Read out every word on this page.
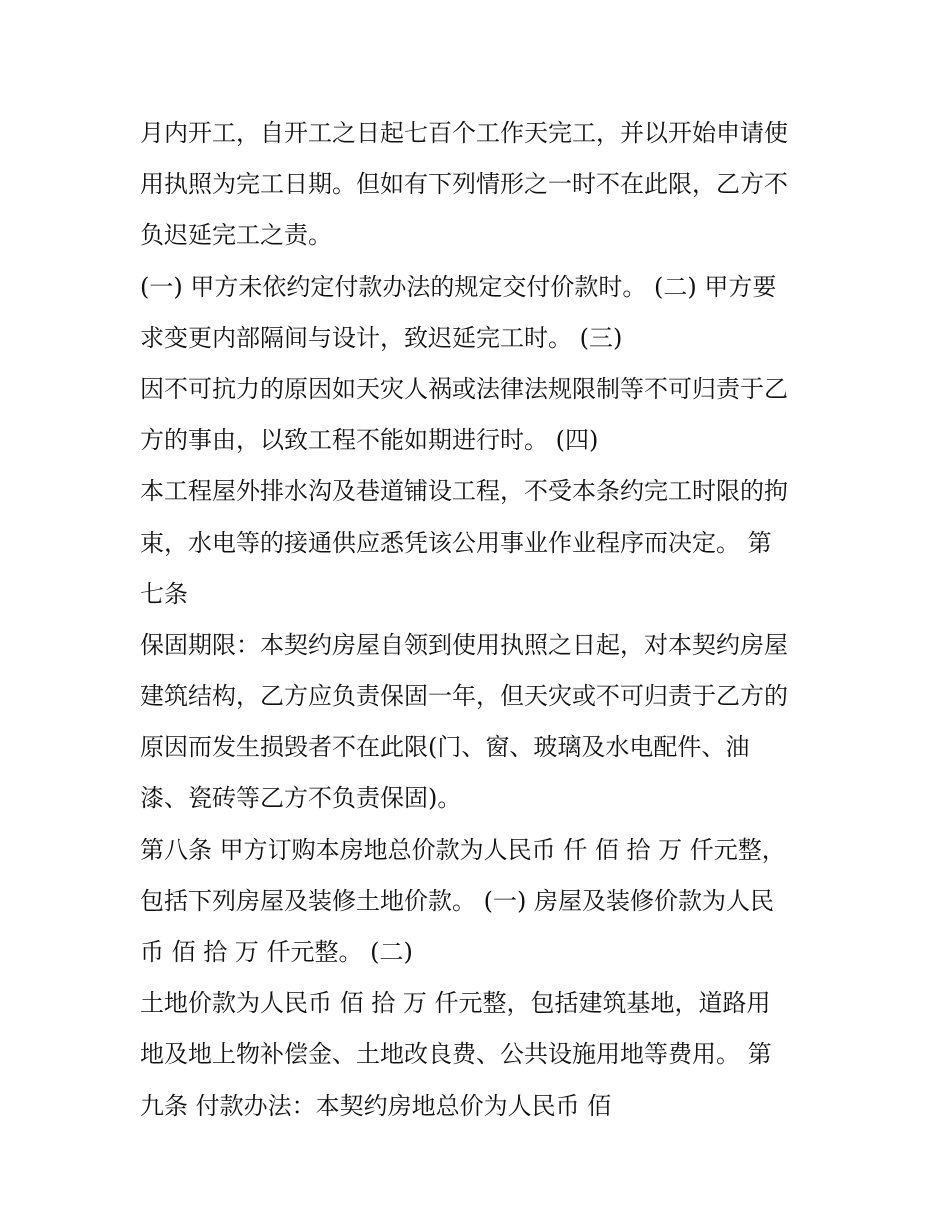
月内开工，自开工之日起七百个工作天完工，并以开始申请使
用执照为完工日期。但如有下列情形之一时不在此限，乙方不
负迟延完工之责。
(一) 甲方未依约定付款办法的规定交付价款时。 (二) 甲方要
求变更内部隔间与设计，致迟延完工时。 (三)
因不可抗力的原因如天灾人祸或法律法规限制等不可归责于乙
方的事由，以致工程不能如期进行时。 (四)
本工程屋外排水沟及巷道铺设工程，不受本条约完工时限的拘
束，水电等的接通供应悉凭该公用事业作业程序而决定。 第
七条
保固期限：本契约房屋自领到使用执照之日起，对本契约房屋
建筑结构，乙方应负责保固一年，但天灾或不可归责于乙方的
原因而发生损毁者不在此限(门、窗、玻璃及水电配件、油
漆、瓷砖等乙方不负责保固)。
第八条 甲方订购本房地总价款为人民币 仟 佰 拾 万 仟元整，
包括下列房屋及装修土地价款。 (一) 房屋及装修价款为人民
币 佰 拾 万 仟元整。 (二)
土地价款为人民币 佰 拾 万 仟元整，包括建筑基地，道路用
地及地上物补偿金、土地改良费、公共设施用地等费用。 第
九条 付款办法：本契约房地总价为人民币 佰
